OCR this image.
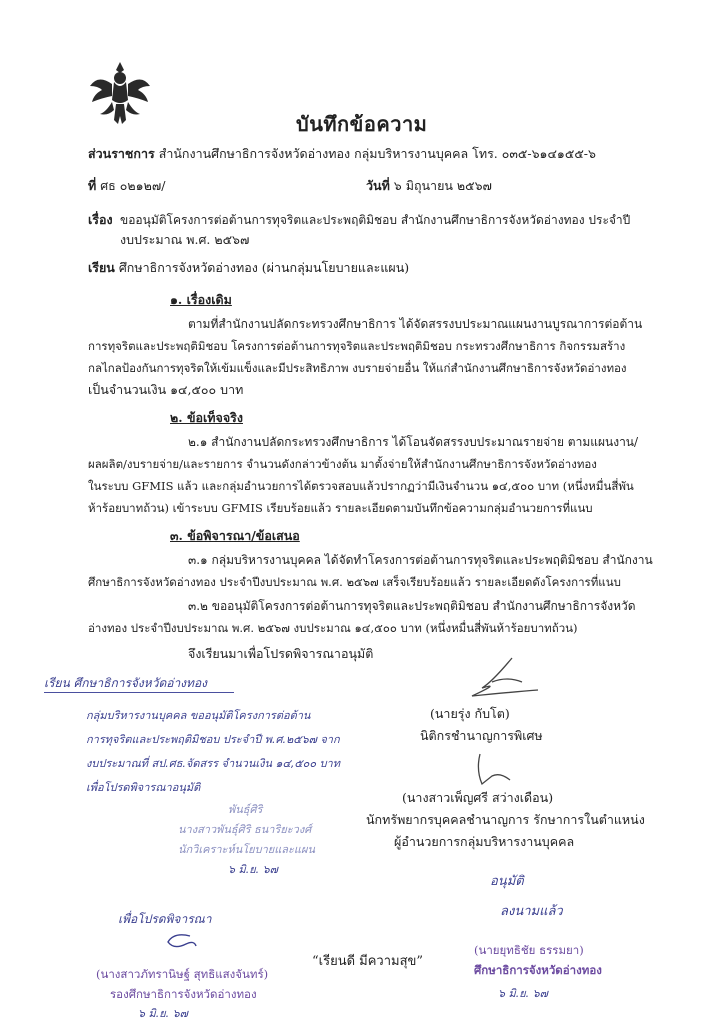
บันทึกข้อความ
ส่วนราชการ สำนักงานศึกษาธิการจังหวัดอ่างทอง กลุ่มบริหารงานบุคคล โทร. ๐๓๕-๖๑๔๑๕๕-๖
ที่ ศธ ๐๒๑๒๗/	วันที่ ๖ มิถุนายน ๒๕๖๗
เรื่อง ขออนุมัติโครงการต่อต้านการทุจริตและประพฤติมิชอบ สำนักงานศึกษาธิการจังหวัดอ่างทอง ประจำปี
งบประมาณ พ.ศ. ๒๕๖๗
เรียน ศึกษาธิการจังหวัดอ่างทอง (ผ่านกลุ่มนโยบายและแผน)
๑. เรื่องเดิม
ตามที่สำนักงานปลัดกระทรวงศึกษาธิการ ได้จัดสรรงบประมาณแผนงานบูรณาการต่อต้าน
การทุจริตและประพฤติมิชอบ โครงการต่อต้านการทุจริตและประพฤติมิชอบ กระทรวงศึกษาธิการ กิจกรรมสร้าง
กลไกลป้องกันการทุจริตให้เข้มแข็งและมีประสิทธิภาพ งบรายจ่ายอื่น ให้แก่สำนักงานศึกษาธิการจังหวัดอ่างทอง
เป็นจำนวนเงิน ๑๔,๕๐๐ บาท
๒. ข้อเท็จจริง
๒.๑ สำนักงานปลัดกระทรวงศึกษาธิการ ได้โอนจัดสรรงบประมาณรายจ่าย ตามแผนงาน/
ผลผลิต/งบรายจ่าย/และรายการ จำนวนดังกล่าวข้างต้น มาตั้งจ่ายให้สำนักงานศึกษาธิการจังหวัดอ่างทอง
ในระบบ GFMIS แล้ว และกลุ่มอำนวยการได้ตรวจสอบแล้วปรากฏว่ามีเงินจำนวน ๑๔,๕๐๐ บาท (หนึ่งหมื่นสี่พัน
ห้าร้อยบาทถ้วน) เข้าระบบ GFMIS เรียบร้อยแล้ว รายละเอียดตามบันทึกข้อความกลุ่มอำนวยการที่แนบ
๓. ข้อพิจารณา/ข้อเสนอ
๓.๑ กลุ่มบริหารงานบุคคล ได้จัดทำโครงการต่อต้านการทุจริตและประพฤติมิชอบ สำนักงาน
ศึกษาธิการจังหวัดอ่างทอง ประจำปีงบประมาณ พ.ศ. ๒๕๖๗ เสร็จเรียบร้อยแล้ว รายละเอียดดังโครงการที่แนบ
๓.๒ ขออนุมัติโครงการต่อต้านการทุจริตและประพฤติมิชอบ สำนักงานศึกษาธิการจังหวัด
อ่างทอง ประจำปีงบประมาณ พ.ศ. ๒๕๖๗ งบประมาณ ๑๔,๕๐๐ บาท (หนึ่งหมื่นสี่พันห้าร้อยบาทถ้วน)
จึงเรียนมาเพื่อโปรดพิจารณาอนุมัติ
(นายรุ่ง กับโต)
นิติกรชำนาญการพิเศษ
(นางสาวเพ็ญศรี สว่างเดือน)
นักทรัพยากรบุคคลชำนาญการ รักษาการในตำแหน่ง
ผู้อำนวยการกลุ่มบริหารงานบุคคล
เรียน ศึกษาธิการจังหวัดอ่างทอง
กลุ่มบริหารงานบุคคล ขออนุมัติโครงการต่อต้าน
การทุจริตและประพฤติมิชอบ ประจำปี พ.ศ.๒๕๖๗ จาก
งบประมาณที่ สป.ศธ.จัดสรร จำนวนเงิน ๑๔,๕๐๐ บาท
เพื่อโปรดพิจารณาอนุมัติ
พันธุ์ศิริ
นางสาวพันธุ์ศิริ ธนาริยะวงศ์
นักวิเคราะห์นโยบายและแผน
๖ มิ.ย. ๖๗
อนุมัติ
ลงนามแล้ว
เพื่อโปรดพิจารณา
(นางสาวภัทรานิษฐ์ สุทธิแสงจันทร์)
รองศึกษาธิการจังหวัดอ่างทอง
๖ มิ.ย. ๖๗
“เรียนดี มีความสุข”
(นายยุทธิชัย ธรรมยา)
ศึกษาธิการจังหวัดอ่างทอง
๖ มิ.ย. ๖๗
